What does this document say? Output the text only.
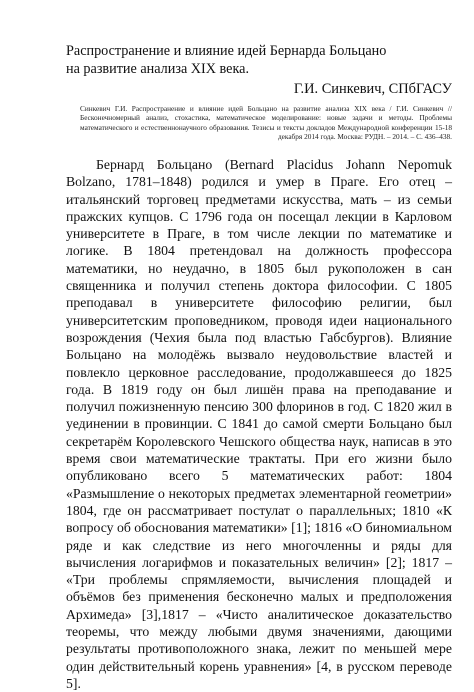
Распространение и влияние идей Бернарда Больцано на развитие анализа XIX века.
Г.И. Синкевич, СПбГАСУ
Синкевич Г.И. Распространение и влияние идей Больцано на развитие анализа XIX века / Г.И. Синкевич // Бесконечномерный анализ, стохастика, математическое моделирование: новые задачи и методы. Проблемы математического и естественнонаучного образования. Тезисы и тексты докладов Международной конференции 15-18 декабря 2014 года. Москва: РУДН. – 2014. – С. 436–438.

Бернард Больцано (Bernard Placidus Johann Nepomuk Bolzano, 1781–1848) родился и умер в Праге. Его отец – итальянский торговец предметами искусства, мать – из семьи пражских купцов. С 1796 года он посещал лекции в Карловом университете в Праге, в том числе лекции по математике и логике. В 1804 претендовал на должность профессора математики, но неудачно, в 1805 был рукоположен в сан священника и получил степень доктора философии. С 1805 преподавал в университете философию религии, был университетским проповедником, проводя идеи национального возрождения (Чехия была под властью Габсбургов). Влияние Больцано на молодёжь вызвало неудовольствие властей и повлекло церковное расследование, продолжавшееся до 1825 года. В 1819 году он был лишён права на преподавание и получил пожизненную пенсию 300 флоринов в год. С 1820 жил в уединении в провинции. С 1841 до самой смерти Больцано был секретарём Королевского Чешского общества наук, написав в это время свои математические трактаты. При его жизни было опубликовано всего 5 математических работ: 1804 «Размышление о некоторых предметах элементарной геометрии» 1804, где он рассматривает постулат о параллельных; 1810 «К вопросу об обоснования математики» [1]; 1816 «О биномиальном ряде и как следствие из него многочленны и ряды для вычисления логарифмов и показательных величин» [2]; 1817 – «Три проблемы спрямляемости, вычисления площадей и объёмов без применения бесконечно малых и предположения Архимеда» [3],1817 – «Чисто аналитическое доказательство теоремы, что между любыми двумя значениями, дающими результаты противоположного знака, лежит по меньшей мере один действительный корень уравнения» [4, в русском переводе 5].
